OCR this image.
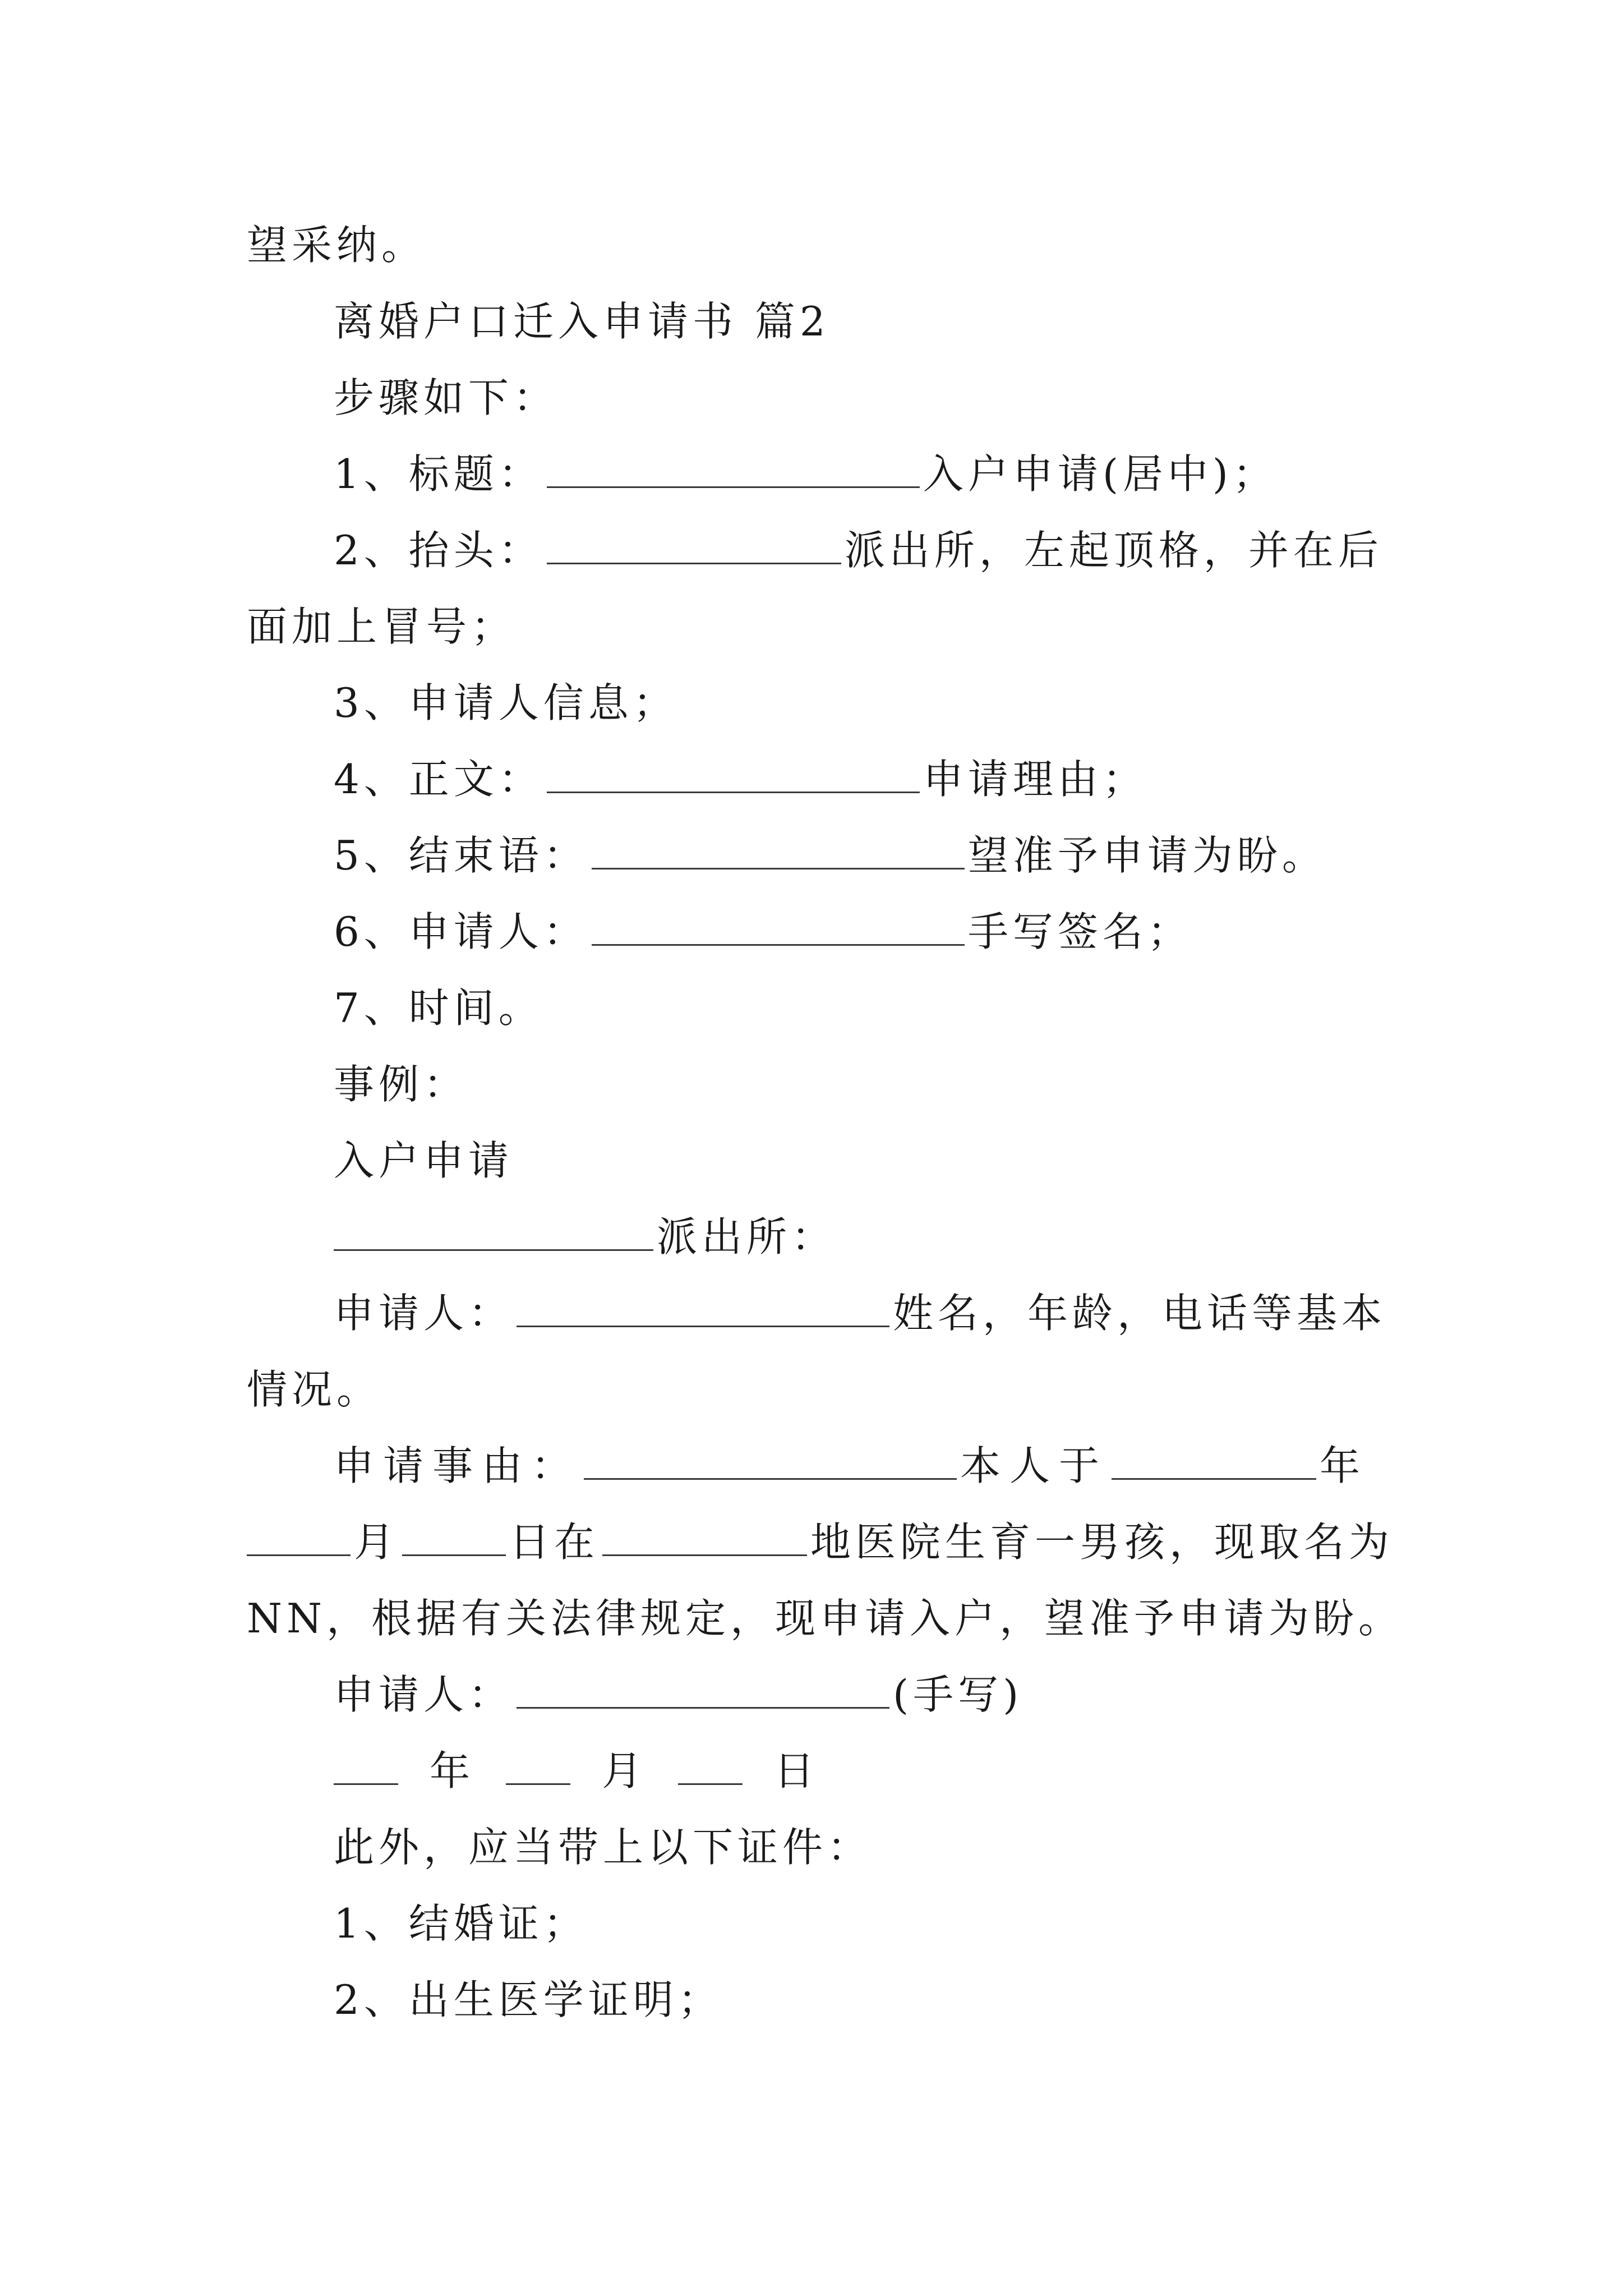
望采纳。
离婚户口迁入申请书 篇2
步骤如下：
1、标题：	入户申请(居中)；
2、抬头：	派出所，左起顶格，并在后
面加上冒号；
3、申请人信息；
4、正文：	申请理由；
5、结束语：	望准予申请为盼。
6、申请人：	手写签名；
7、时间。
事例：
入户申请
派出所：
申请人：	姓名，年龄，电话等基本
情况。
申请事由：	本人于	年
月	日在	地医院生育一男孩，现取名为
NN，根据有关法律规定，现申请入户，望准予申请为盼。
申请人：	(手写)
年	月	日
此外，应当带上以下证件：
1、结婚证；
2、出生医学证明；
